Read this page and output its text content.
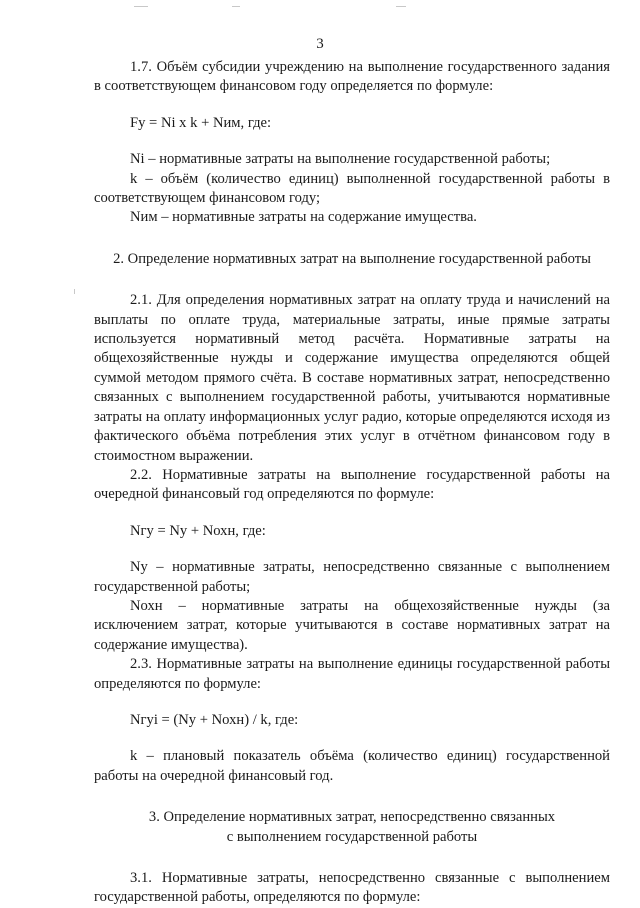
3

1.7. Объём субсидии учреждению на выполнение государственного задания в соответствующем финансовом году определяется по формуле:

Fy = Ni x k + Nим, где:

Ni – нормативные затраты на выполнение государственной работы;

k – объём (количество единиц) выполненной государственной работы в соответствующем финансовом году;

Nим – нормативные затраты на содержание имущества.

2. Определение нормативных затрат на выполнение государственной работы

2.1. Для определения нормативных затрат на оплату труда и начислений на выплаты по оплате труда, материальные затраты, иные прямые затраты используется нормативный метод расчёта. Нормативные затраты на общехозяйственные нужды и содержание имущества определяются общей суммой методом прямого счёта. В составе нормативных затрат, непосредственно связанных с выполнением государственной работы, учитываются нормативные затраты на оплату информационных услуг радио, которые определяются исходя из фактического объёма потребления этих услуг в отчётном финансовом году в стоимостном выражении.

2.2. Нормативные затраты на выполнение государственной работы на очередной финансовый год определяются по формуле:

Nгy = Ny + Nохн, где:

Ny – нормативные затраты, непосредственно связанные с выполнением государственной работы;

Nохн – нормативные затраты на общехозяйственные нужды (за исключением затрат, которые учитываются в составе нормативных затрат на содержание имущества).

2.3. Нормативные затраты на выполнение единицы государственной работы определяются по формуле:

Nгyi = (Ny + Nохн) / k, где:

k – плановый показатель объёма (количество единиц) государственной работы на очередной финансовый год.

3. Определение нормативных затрат, непосредственно связанных

с выполнением государственной работы

3.1. Нормативные затраты, непосредственно связанные с выполнением государственной работы, определяются по формуле:
